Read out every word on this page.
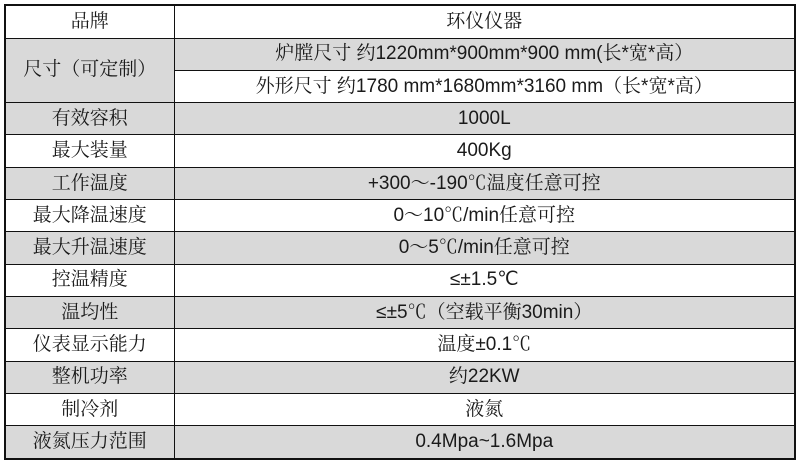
品牌	环仪仪器
尺寸（可定制）	炉膛尺寸 约1220mm*900mm*900 mm(长*宽*高）
	外形尺寸 约1780 mm*1680mm*3160 mm（长*宽*高）
有效容积	1000L
最大装量	400Kg
工作温度	+300～-190℃温度任意可控
最大降温速度	0～10℃/min任意可控
最大升温速度	0～5℃/min任意可控
控温精度	≤±1.5℃
温均性	≤±5℃（空载平衡30min）
仪表显示能力	温度±0.1℃
整机功率	约22KW
制冷剂	液氮
液氮压力范围	0.4Mpa~1.6Mpa
